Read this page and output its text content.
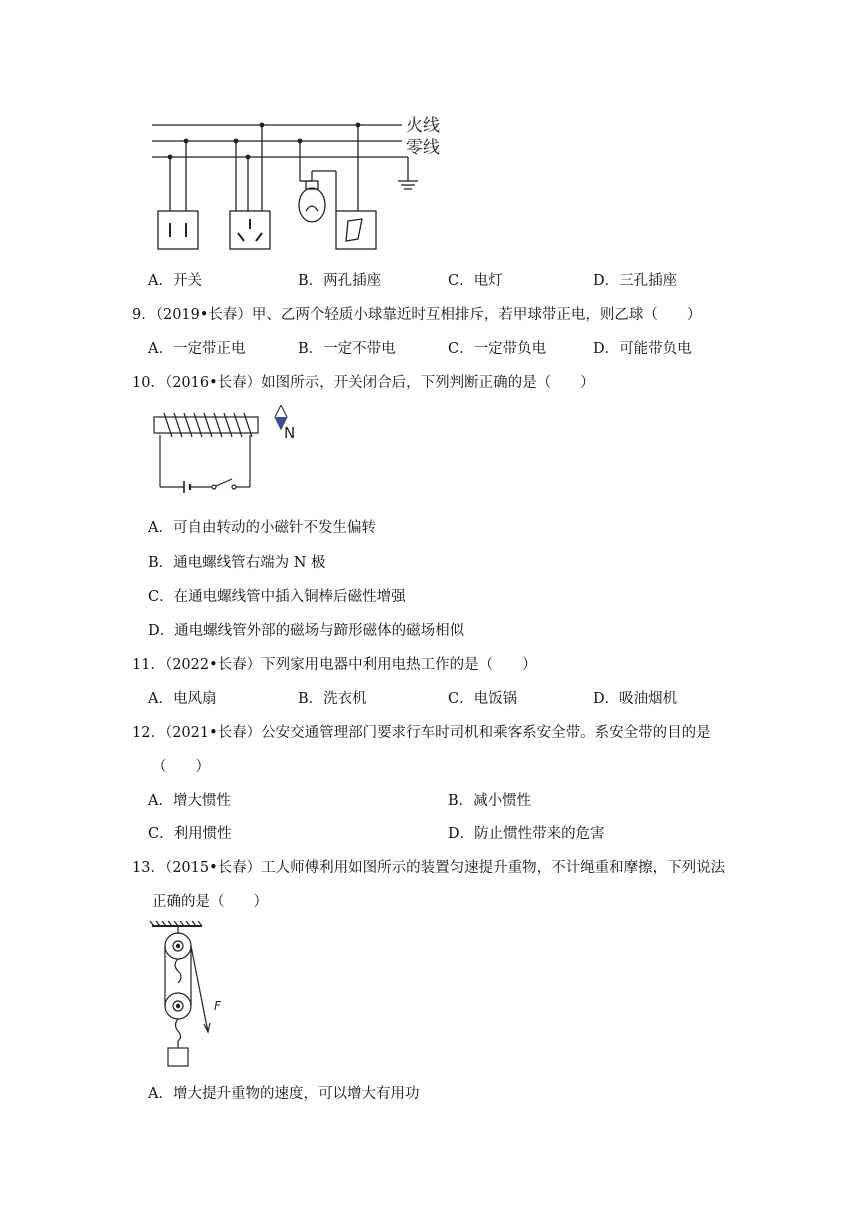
火线
零线
A．开关	B．两孔插座	C．电灯	D．三孔插座
9．（2019•长春）甲、乙两个轻质小球靠近时互相排斥，若甲球带正电，则乙球（　　）
A．一定带正电	B．一定不带电	C．一定带负电	D．可能带负电
10．（2016•长春）如图所示，开关闭合后，下列判断正确的是（　　）
N
A．可自由转动的小磁针不发生偏转
B．通电螺线管右端为 N 极
C．在通电螺线管中插入铜棒后磁性增强
D．通电螺线管外部的磁场与蹄形磁体的磁场相似
11．（2022•长春）下列家用电器中利用电热工作的是（　　）
A．电风扇	B．洗衣机	C．电饭锅	D．吸油烟机
12．（2021•长春）公安交通管理部门要求行车时司机和乘客系安全带。系安全带的目的是
（　　）
A．增大惯性	B．减小惯性
C．利用惯性	D．防止惯性带来的危害
13．（2015•长春）工人师傅利用如图所示的装置匀速提升重物，不计绳重和摩擦，下列说法
正确的是（　　）
F
A．增大提升重物的速度，可以增大有用功
